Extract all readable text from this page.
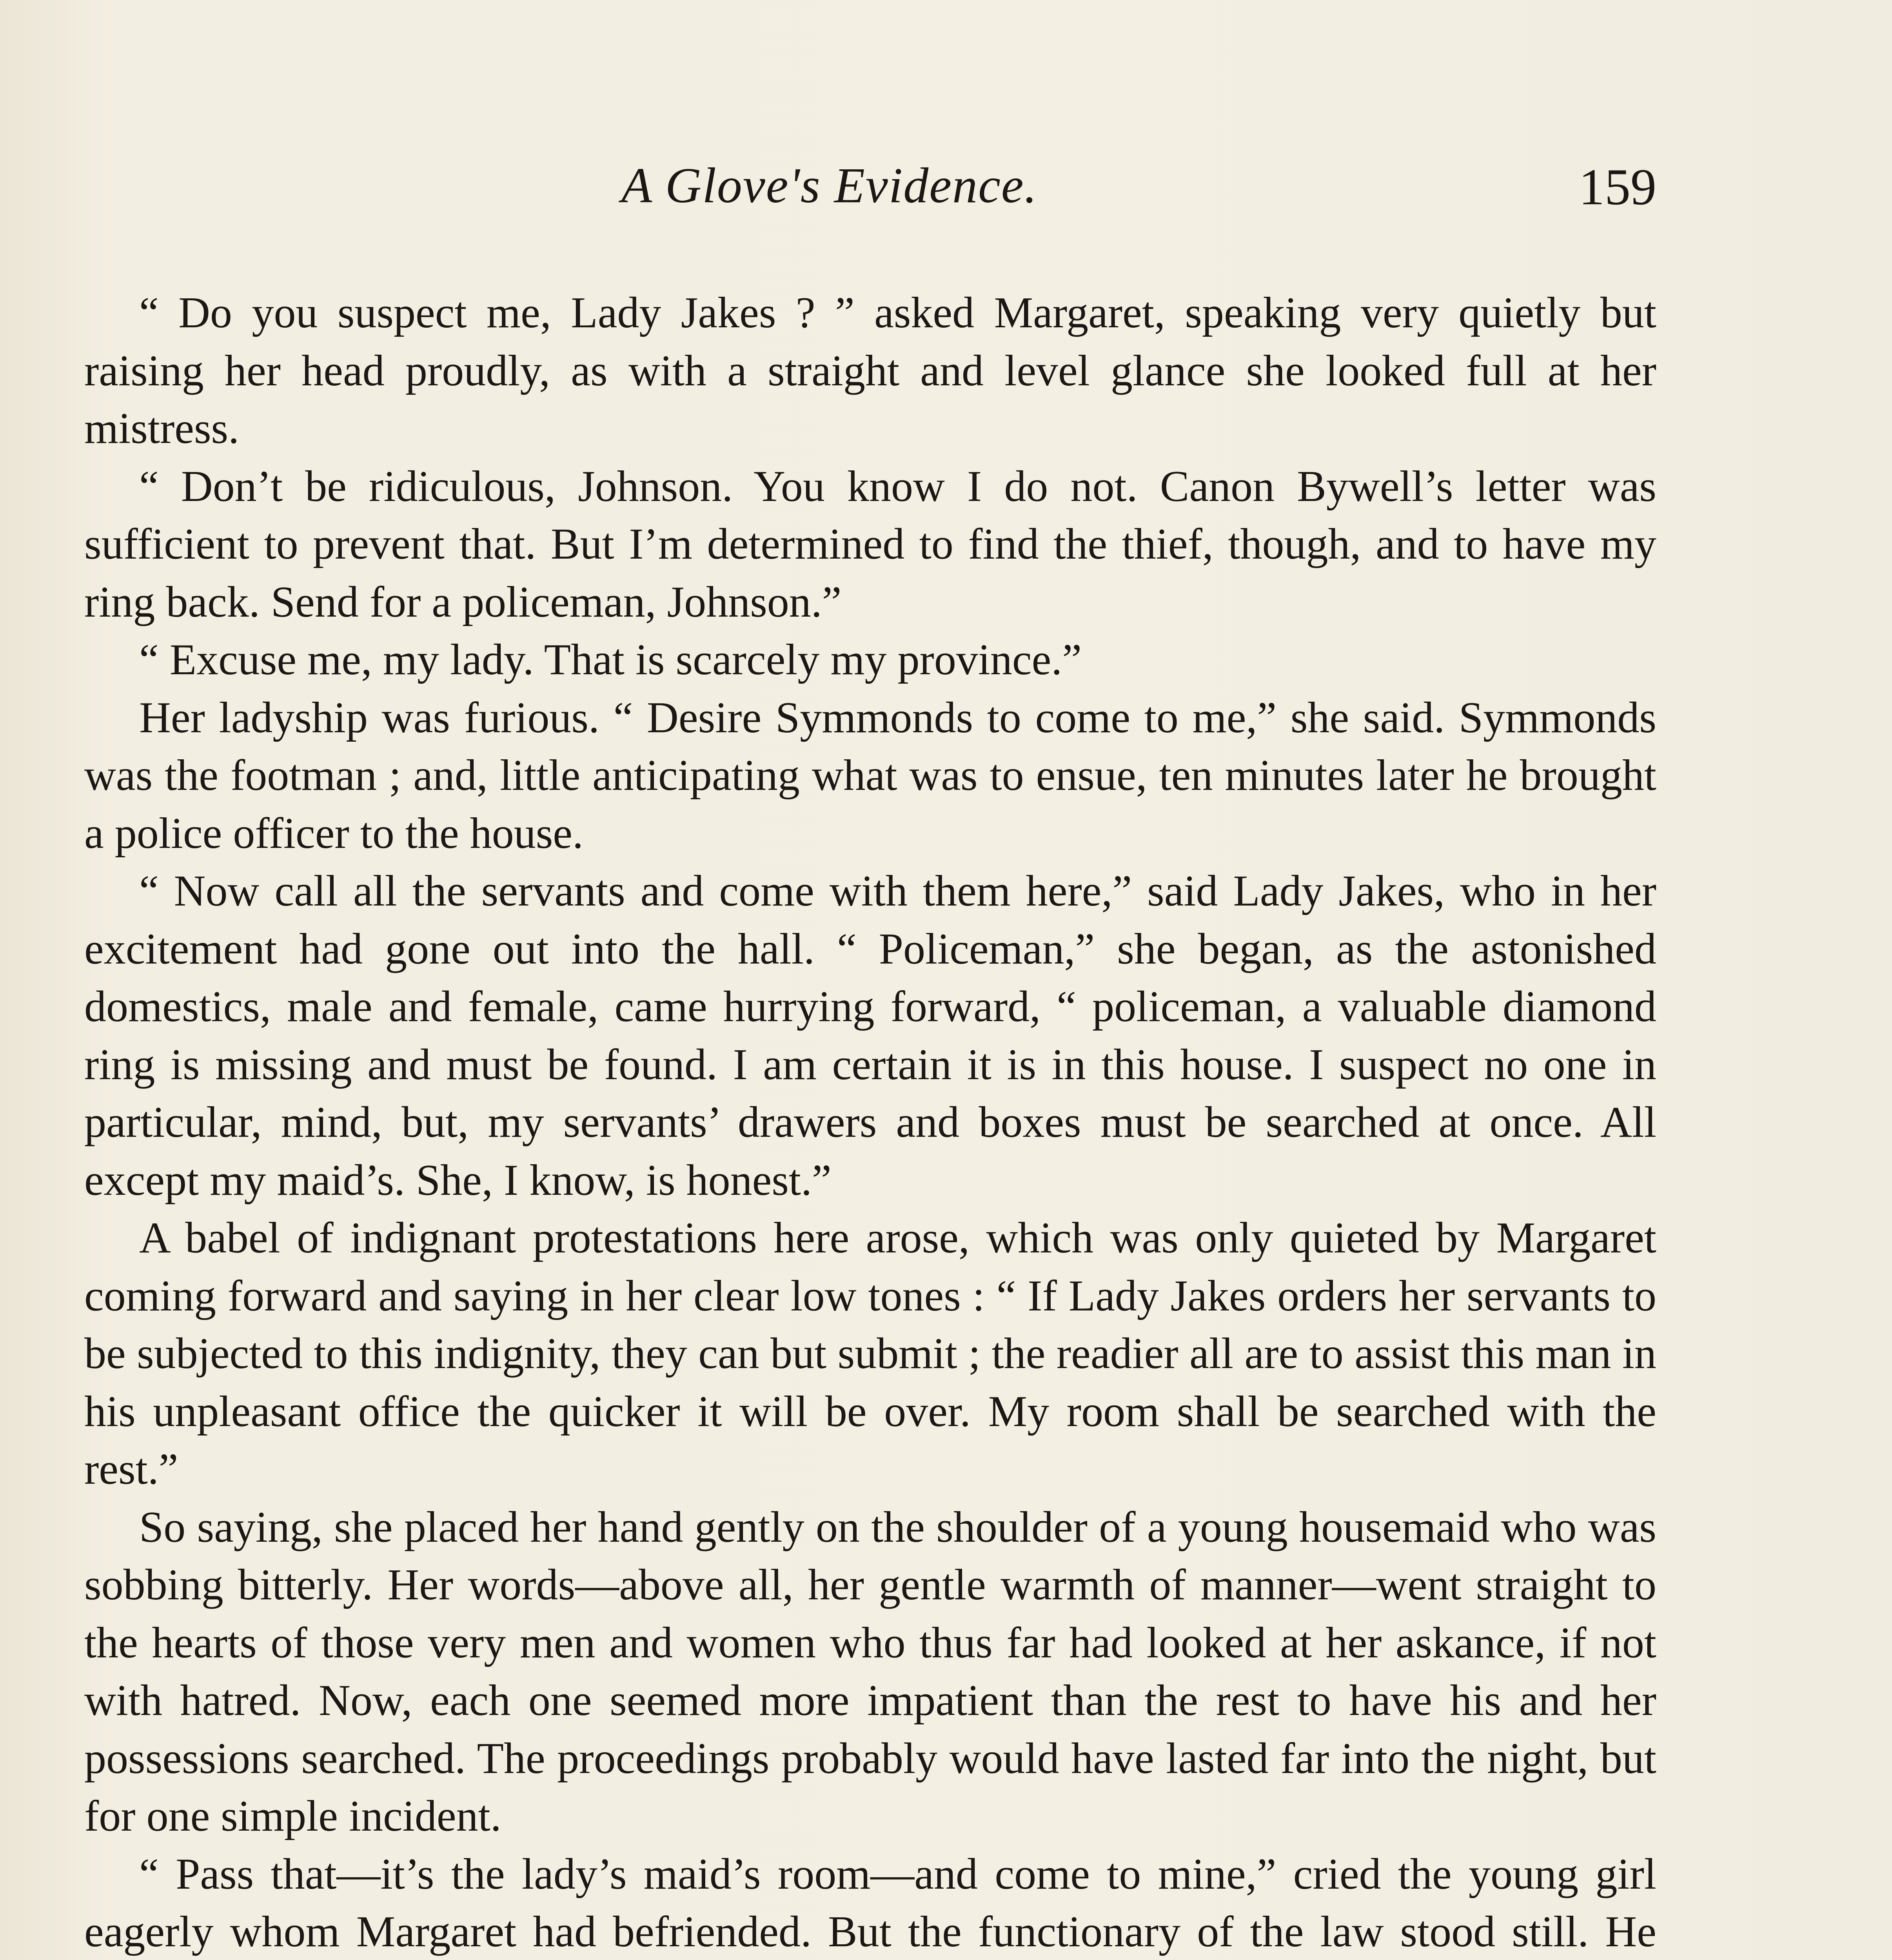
A Glove's Evidence.	159

“ Do you suspect me, Lady Jakes ? ” asked Margaret, speaking very quietly but raising her head proudly, as with a straight and level glance she looked full at her mistress.

“ Don’t be ridiculous, Johnson. You know I do not. Canon Bywell’s letter was sufficient to prevent that. But I’m determined to find the thief, though, and to have my ring back. Send for a policeman, Johnson.”

“ Excuse me, my lady. That is scarcely my province.”

Her ladyship was furious. “ Desire Symmonds to come to me,” she said. Symmonds was the footman ; and, little anticipating what was to ensue, ten minutes later he brought a police officer to the house.

“ Now call all the servants and come with them here,” said Lady Jakes, who in her excitement had gone out into the hall. “ Policeman,” she began, as the astonished domestics, male and female, came hurrying forward, “ policeman, a valuable diamond ring is missing and must be found. I am certain it is in this house. I suspect no one in particular, mind, but, my servants’ drawers and boxes must be searched at once. All except my maid’s. She, I know, is honest.”

A babel of indignant protestations here arose, which was only quieted by Margaret coming forward and saying in her clear low tones : “ If Lady Jakes orders her servants to be subjected to this indignity, they can but submit ; the readier all are to assist this man in his unpleasant office the quicker it will be over. My room shall be searched with the rest.”

So saying, she placed her hand gently on the shoulder of a young housemaid who was sobbing bitterly. Her words—above all, her gentle warmth of manner—went straight to the hearts of those very men and women who thus far had looked at her askance, if not with hatred. Now, each one seemed more impatient than the rest to have his and her possessions searched. The proceedings probably would have lasted far into the night, but for one simple incident.

“ Pass that—it’s the lady’s maid’s room—and come to mine,” cried the young girl eagerly whom Margaret had befriended. But the functionary of the law stood still. He
